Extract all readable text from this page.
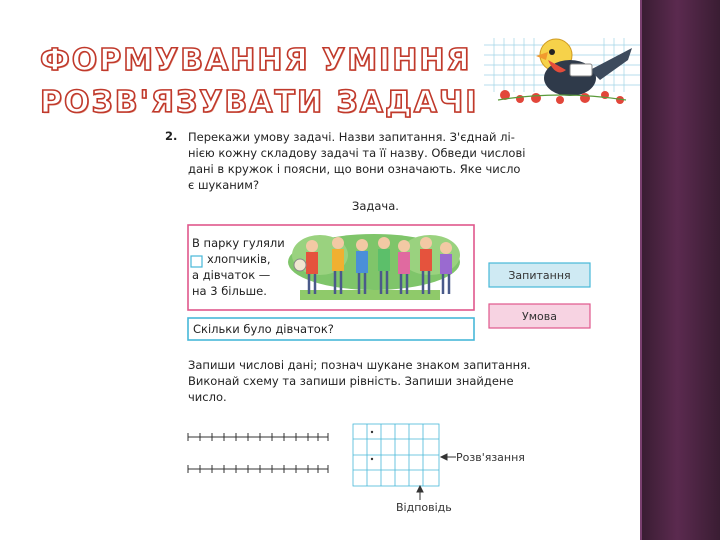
ФОРМУВАННЯ УМІННЯ
РОЗВ'ЯЗУВАТИ ЗАДАЧІ
2. Перекажи умову задачі. Назви запитання. З'єднай лі-
нією кожну складову задачі та її назву. Обведи числові
дані в кружок і поясни, що вони означають. Яке число
є шуканим?
Задача.
В парку гуляли
хлопчиків,
а дівчаток —
на 3 більше.
Скільки було дівчаток?
Запитання
Умова
Запиши числові дані; познач шукане знаком запитання.
Виконай схему та запиши рівність. Запиши знайдене
число.
Розв'язання
Відповідь
